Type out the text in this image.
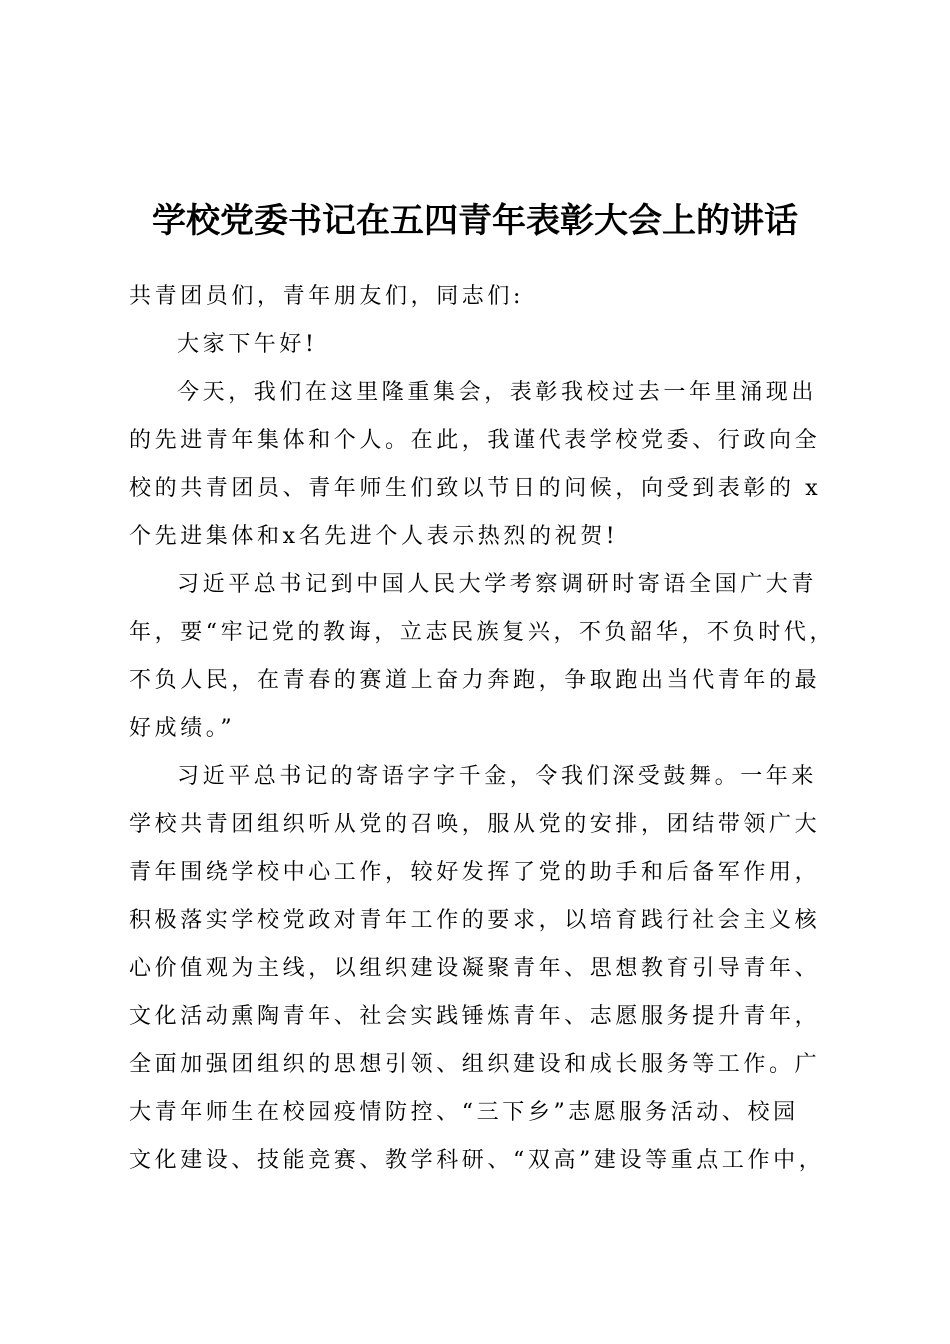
学校党委书记在五四青年表彰大会上的讲话
共青团员们，青年朋友们，同志们:
大家下午好!
今天，我们在这里隆重集会，表彰我校过去一年里涌现出
的先进青年集体和个人。在此，我谨代表学校党委、行政向全
校的共青团员、青年师生们致以节日的问候，向受到表彰的 x
个先进集体和x名先进个人表示热烈的祝贺!
习近平总书记到中国人民大学考察调研时寄语全国广大青
年，要“牢记党的教诲，立志民族复兴，不负韶华，不负时代，
不负人民，在青春的赛道上奋力奔跑，争取跑出当代青年的最
好成绩。”
习近平总书记的寄语字字千金，令我们深受鼓舞。一年来
学校共青团组织听从党的召唤，服从党的安排，团结带领广大
青年围绕学校中心工作，较好发挥了党的助手和后备军作用，
积极落实学校党政对青年工作的要求，以培育践行社会主义核
心价值观为主线，以组织建设凝聚青年、思想教育引导青年、
文化活动熏陶青年、社会实践锤炼青年、志愿服务提升青年，
全面加强团组织的思想引领、组织建设和成长服务等工作。广
大青年师生在校园疫情防控、“三下乡”志愿服务活动、校园
文化建设、技能竞赛、教学科研、“双高”建设等重点工作中，
